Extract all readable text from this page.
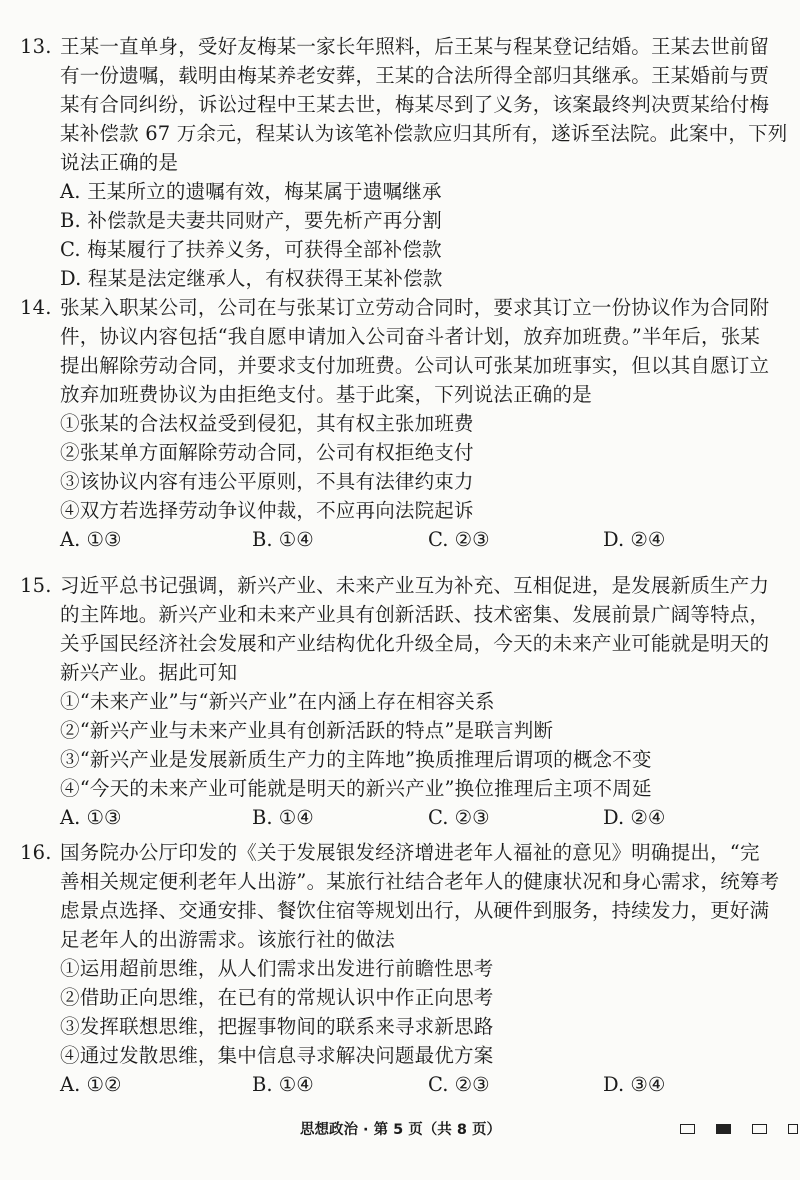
13. 王某一直单身，受好友梅某一家长年照料，后王某与程某登记结婚。王某去世前留
有一份遗嘱，载明由梅某养老安葬，王某的合法所得全部归其继承。王某婚前与贾
某有合同纠纷，诉讼过程中王某去世，梅某尽到了义务，该案最终判决贾某给付梅
某补偿款 67 万余元，程某认为该笔补偿款应归其所有，遂诉至法院。此案中，下列
说法正确的是
A. 王某所立的遗嘱有效，梅某属于遗嘱继承
B. 补偿款是夫妻共同财产，要先析产再分割
C. 梅某履行了扶养义务，可获得全部补偿款
D. 程某是法定继承人，有权获得王某补偿款
14. 张某入职某公司，公司在与张某订立劳动合同时，要求其订立一份协议作为合同附
件，协议内容包括“我自愿申请加入公司奋斗者计划，放弃加班费。”半年后，张某
提出解除劳动合同，并要求支付加班费。公司认可张某加班事实，但以其自愿订立
放弃加班费协议为由拒绝支付。基于此案，下列说法正确的是
①张某的合法权益受到侵犯，其有权主张加班费
②张某单方面解除劳动合同，公司有权拒绝支付
③该协议内容有违公平原则，不具有法律约束力
④双方若选择劳动争议仲裁，不应再向法院起诉
A. ①③	B. ①④	C. ②③	D. ②④
15. 习近平总书记强调，新兴产业、未来产业互为补充、互相促进，是发展新质生产力
的主阵地。新兴产业和未来产业具有创新活跃、技术密集、发展前景广阔等特点，
关乎国民经济社会发展和产业结构优化升级全局，今天的未来产业可能就是明天的
新兴产业。据此可知
①“未来产业”与“新兴产业”在内涵上存在相容关系
②“新兴产业与未来产业具有创新活跃的特点”是联言判断
③“新兴产业是发展新质生产力的主阵地”换质推理后谓项的概念不变
④“今天的未来产业可能就是明天的新兴产业”换位推理后主项不周延
A. ①③	B. ①④	C. ②③	D. ②④
16. 国务院办公厅印发的《关于发展银发经济增进老年人福祉的意见》明确提出，“完
善相关规定便利老年人出游”。某旅行社结合老年人的健康状况和身心需求，统筹考
虑景点选择、交通安排、餐饮住宿等规划出行，从硬件到服务，持续发力，更好满
足老年人的出游需求。该旅行社的做法
①运用超前思维，从人们需求出发进行前瞻性思考
②借助正向思维，在已有的常规认识中作正向思考
③发挥联想思维，把握事物间的联系来寻求新思路
④通过发散思维，集中信息寻求解决问题最优方案
A. ①②	B. ①④	C. ②③	D. ③④
思想政治 · 第 5 页（共 8 页）
